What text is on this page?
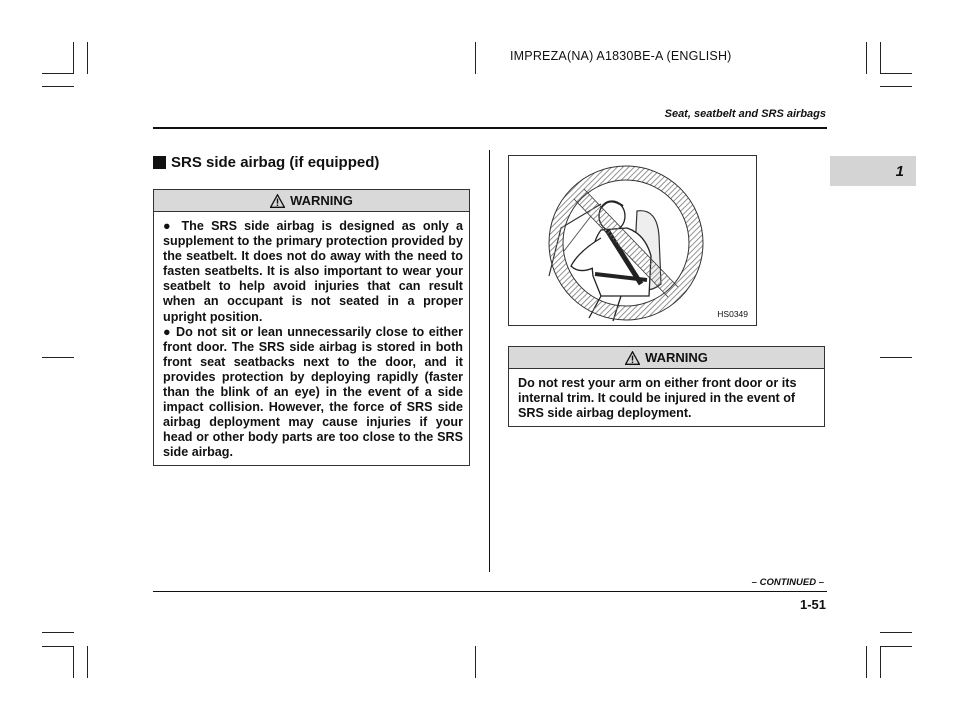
IMPREZA(NA) A1830BE-A (ENGLISH)
Seat, seatbelt and SRS airbags
1
SRS side airbag (if equipped)
WARNING

● The SRS side airbag is designed as only a supplement to the primary protection provided by the seatbelt. It does not do away with the need to fasten seatbelts. It is also important to wear your seatbelt to help avoid injuries that can result when an occupant is not seated in a proper upright position.

● Do not sit or lean unnecessarily close to either front door. The SRS side airbag is stored in both front seat seatbacks next to the door, and it provides protection by deploying rapidly (faster than the blink of an eye) in the event of a side impact collision. However, the force of SRS side airbag deployment may cause injuries if your head or other body parts are too close to the SRS side airbag.

HS0349
WARNING

Do not rest your arm on either front door or its internal trim. It could be injured in the event of SRS side airbag deployment.

– CONTINUED –
1-51
